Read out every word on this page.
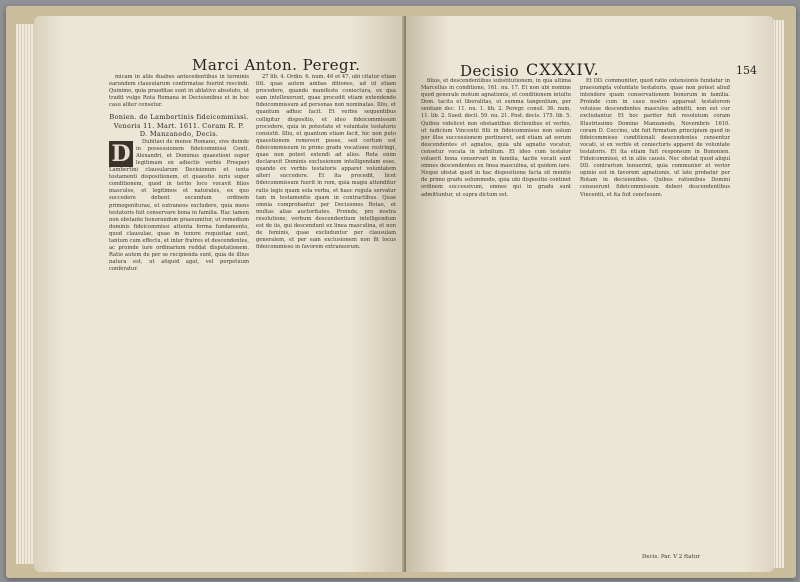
Marci Anton. Peregr.

micam in aliis duabus antecedentibus in terminis earundem clausularum confirmatae fuerint rescindi. Quinimo, quia praeditae sunt in ablativo absoluto, ut tradit vulgo Rota Romana in Decisionibus et in hoc casu aliter censetur.

Bonien. de Lambertinis fideicommissi. Veneris 11. Mart. 1611. Coram R. P. D. Manzanedo, Decis.
D	Dubitavi de mense Romano, sive deinde in possessionem fideicommissi Centi. Alexandri, et Dominus quaestioni super legitimam ex adiectis verbis Prosperi Lambertini clausularum Decisionum et iuxta testamenti dispositionem, et quaestio iuris super conditionem, quod in tertio loco vocavit filios masculos, et legitimos et naturales, ex quo succedere debent secundum ordinem primogeniturae, et extraneos excludere, quia mens testatoris fuit conservare bona in familia. Hac tamen non obstante honorandum praesumitur, ut remedium dominis fideicommissi attenta forma fundamento, quod clausulae, quae in tenore requisitae sunt, tantum cum effectu, et inter fratres et descendentes, ac proinde iure ordinarium reddat disputationem. Ratio autem de per se recipienda sunt, quia de illius natura est, ut aliquid agat, vel perpetuum conferatur.

27 lib. 4. Ordin. 6. num. 46 et 47, ubi citatur etiam litt. quas autem ambas ditiones, ad id etiam procedere, quando manifeste coniectura, ex qua eam intellexerunt, quae procedit etiam extendendo fideicommissum ad personas non nominatas. Illiu, et quantum adhuc facit. Et verbis sequentibus colligitur dispositio, et ideo fideicommissum procedere, quia in potestate et voluntate testatoris consistit. Illiu, et quantum etiam facit, hic non puto quaestionem removeri posse, sed certum est fideicommissum in primo gradu vocatione restringi, quae non potest extendi ad alios. Rota enim declaravit Dominis exclusionem intelligendam esse, quando ex verbis testatoris apparet voluntatem alteri succedere. Et ita procedit, licet fideicommissum fuerit in rem, quia magis attenditur ratio legis quam sola verba, et haec regula servatur tam in testamentis quam in contractibus. Quae omnia comprobantur per Decisiones Rotae, et multas alias auctoritates. Proinde, pro nostra resolutione, verbum descendentium intelligendum est de iis, qui descendunt ex linea masculina, et non de feminis, quae excluduntur per clausulam generalem, et per eam exclusionem non fit locus fideicommisso in favorem extraneorum.

Decisio CXXXIV.	154

filius, et descendentibus substitutionem, in qua ultima Marcellus in conditione, 161. nu. 17. Et non ubi nomine quod generale motum agnationis, et conditionem intuitu Dom. tacita et liberalitas, ut summa tangentium, per sentiam dec. 11. nu. 1. lib. 2. Peregr. consil. 36. num. 11. lib. 2. Sued. decil. 59. nu. 21. Post. decis. 175. lib. 5. Quibus videlicet non obstantibus dictionibus et verbis, ut iudicium Vincentii filii in fideicommisso non solum per illos successionem pertineret, sed etiam ad eorum descendentes et agnatos, quia ubi agnatio vocatur, censetur vocata in infinitum. Et ideo cum testator voluerit bona conservari in familia, tacite vocati sunt omnes descendentes ex linea masculina, et quidem iure. Neque obstat quod in hac dispositione facta sit mentio de primo gradu solummodo, quia ubi dispositio continet ordinem successivum, omnes qui in gradu sunt admittuntur, ut supra dictum est.

Et DD. communiter, quod ratio extensionis fundatur in praesumpta voluntate testatoris, quae non potest aliud intendere quam conservationem bonorum in familia. Proinde cum in casu nostro appareat testatorem voluisse descendentes masculos admitti, non est cur excludantur. Et hoc pariter fuit resolutum coram Illustrissimo Domino Manzanedo, Novembris 1610. coram D. Coccino, ubi fuit firmatum principium quod in fideicommisso conditionali descendentes censentur vocati, si ex verbis et coniecturis apparet de voluntate testatoris. Et ita etiam fuit responsum in Bononien. Fideicommissi, et in aliis causis. Nec obstat quod aliqui DD. contrarium tenuerint, quia communior et verior opinio est in favorem agnationis, ut late probatur per Rotam in decisionibus. Quibus rationibus Domini censuerunt fideicommissum deberi descendentibus Vincentii, et ita fuit conclusum.

Decis. Par. V 2 ftatur
